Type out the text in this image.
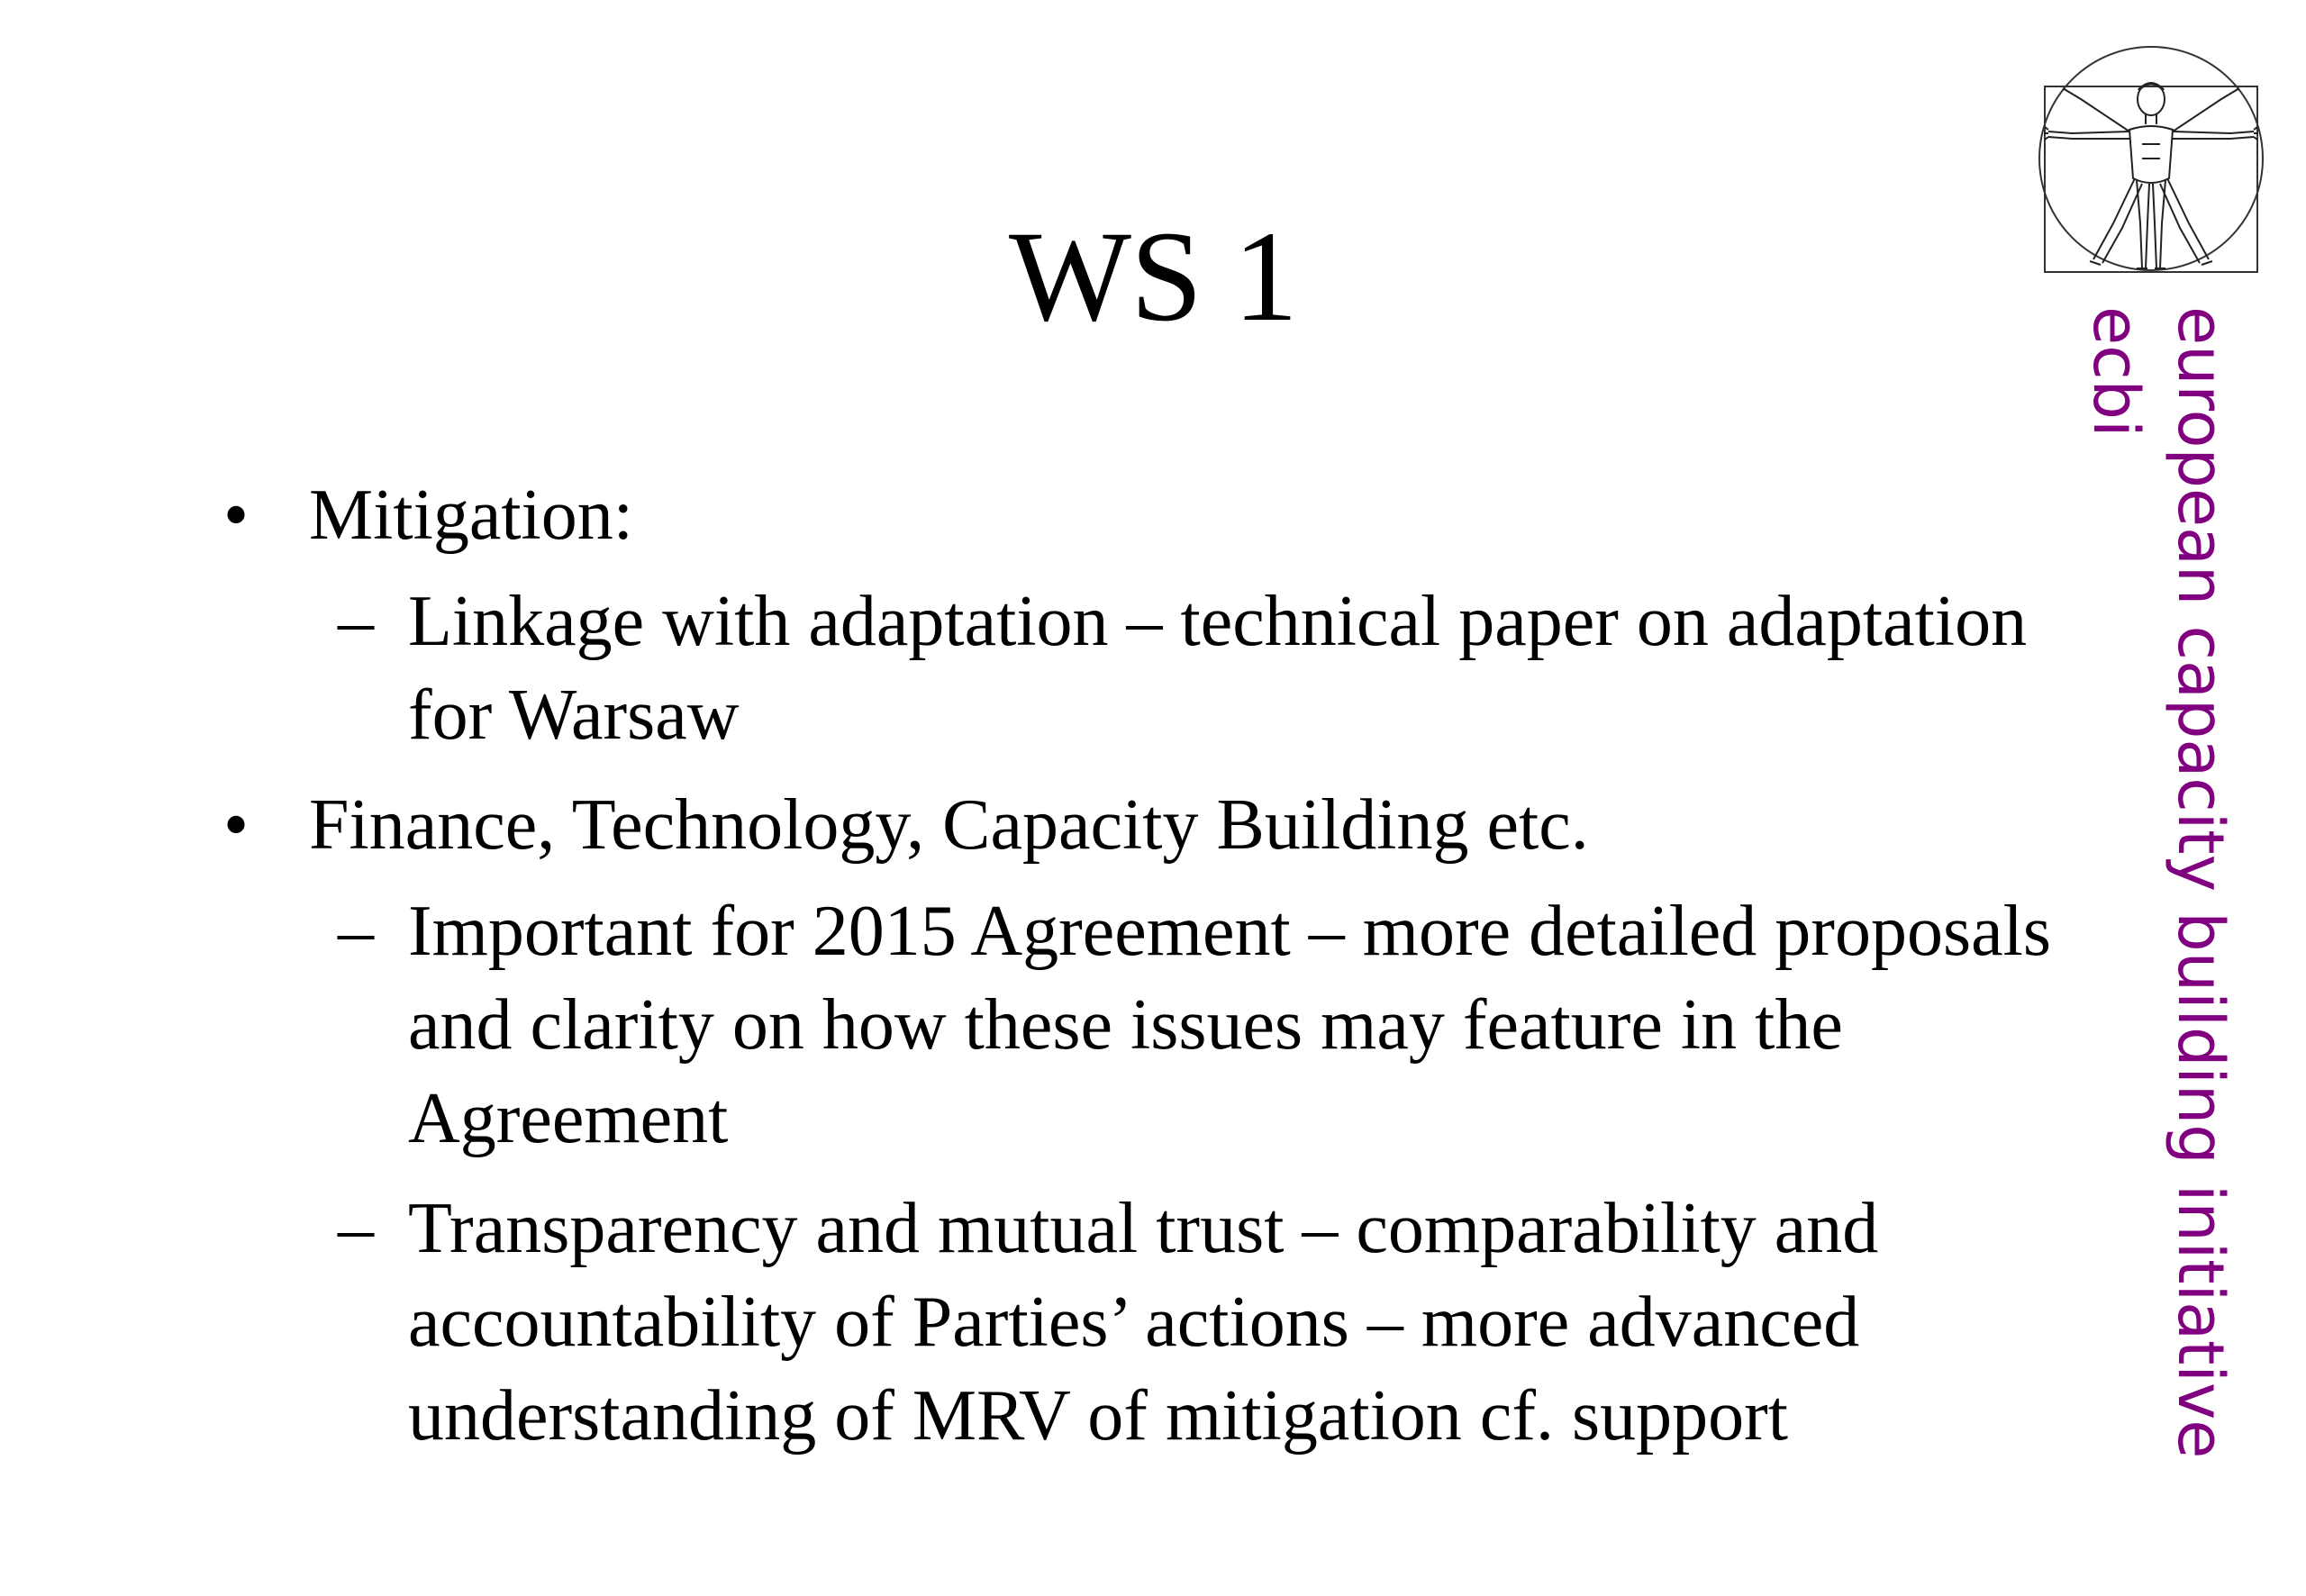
WS 1
• Mitigation:
– Linkage with adaptation – technical paper on adaptation for Warsaw
• Finance, Technology, Capacity Building etc.
– Important for 2015 Agreement – more detailed proposals and clarity on how these issues may feature in the Agreement
– Transparency and mutual trust – comparability and accountability of Parties’ actions – more advanced understanding of MRV of mitigation cf. support	european capacity building initiative
ecbi
